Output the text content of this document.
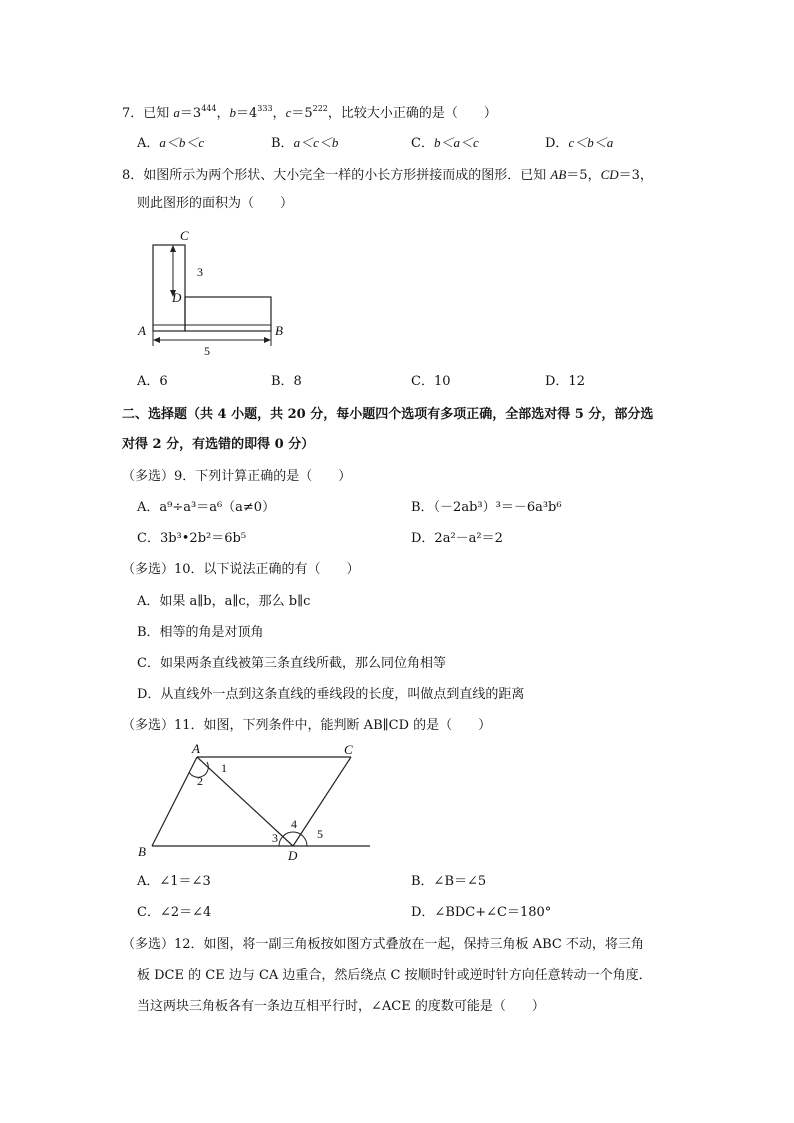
7．已知 $a=3^{444}$，$b=4^{333}$，$c=5^{222}$，比较大小正确的是（　　）
A．a＜b＜c	B．a＜c＜b	C．b＜a＜c	D．c＜b＜a
8．如图所示为两个形状、大小完全一样的小长方形拼接而成的图形．已知 AB＝5，CD＝3，
则此图形的面积为（　　）
C
D
A	B
3
5
A．6	B．8	C．10	D．12
二、选择题（共 4 小题，共 20 分，每小题四个选项有多项正确，全部选对得 5 分，部分选
对得 2 分，有选错的即得 0 分）
（多选）9．下列计算正确的是（　　）
A．a⁹÷a³＝a⁶（a≠0）	B．（－2ab³）³＝－6a³b⁶
C．3b³•2b²＝6b⁵	D．2a²－a²＝2
（多选）10．以下说法正确的有（　　）
A．如果 a∥b，a∥c，那么 b∥c
B．相等的角是对顶角
C．如果两条直线被第三条直线所截，那么同位角相等
D．从直线外一点到这条直线的垂线段的长度，叫做点到直线的距离
（多选）11．如图，下列条件中，能判断 AB∥CD 的是（　　）
A	C
B	D
1
2
3
4
5
A．∠1＝∠3	B．∠B＝∠5
C．∠2＝∠4	D．∠BDC+∠C＝180°
（多选）12．如图，将一副三角板按如图方式叠放在一起，保持三角板 ABC 不动，将三角
板 DCE 的 CE 边与 CA 边重合，然后绕点 C 按顺时针或逆时针方向任意转动一个角度．
当这两块三角板各有一条边互相平行时，∠ACE 的度数可能是（　　）
